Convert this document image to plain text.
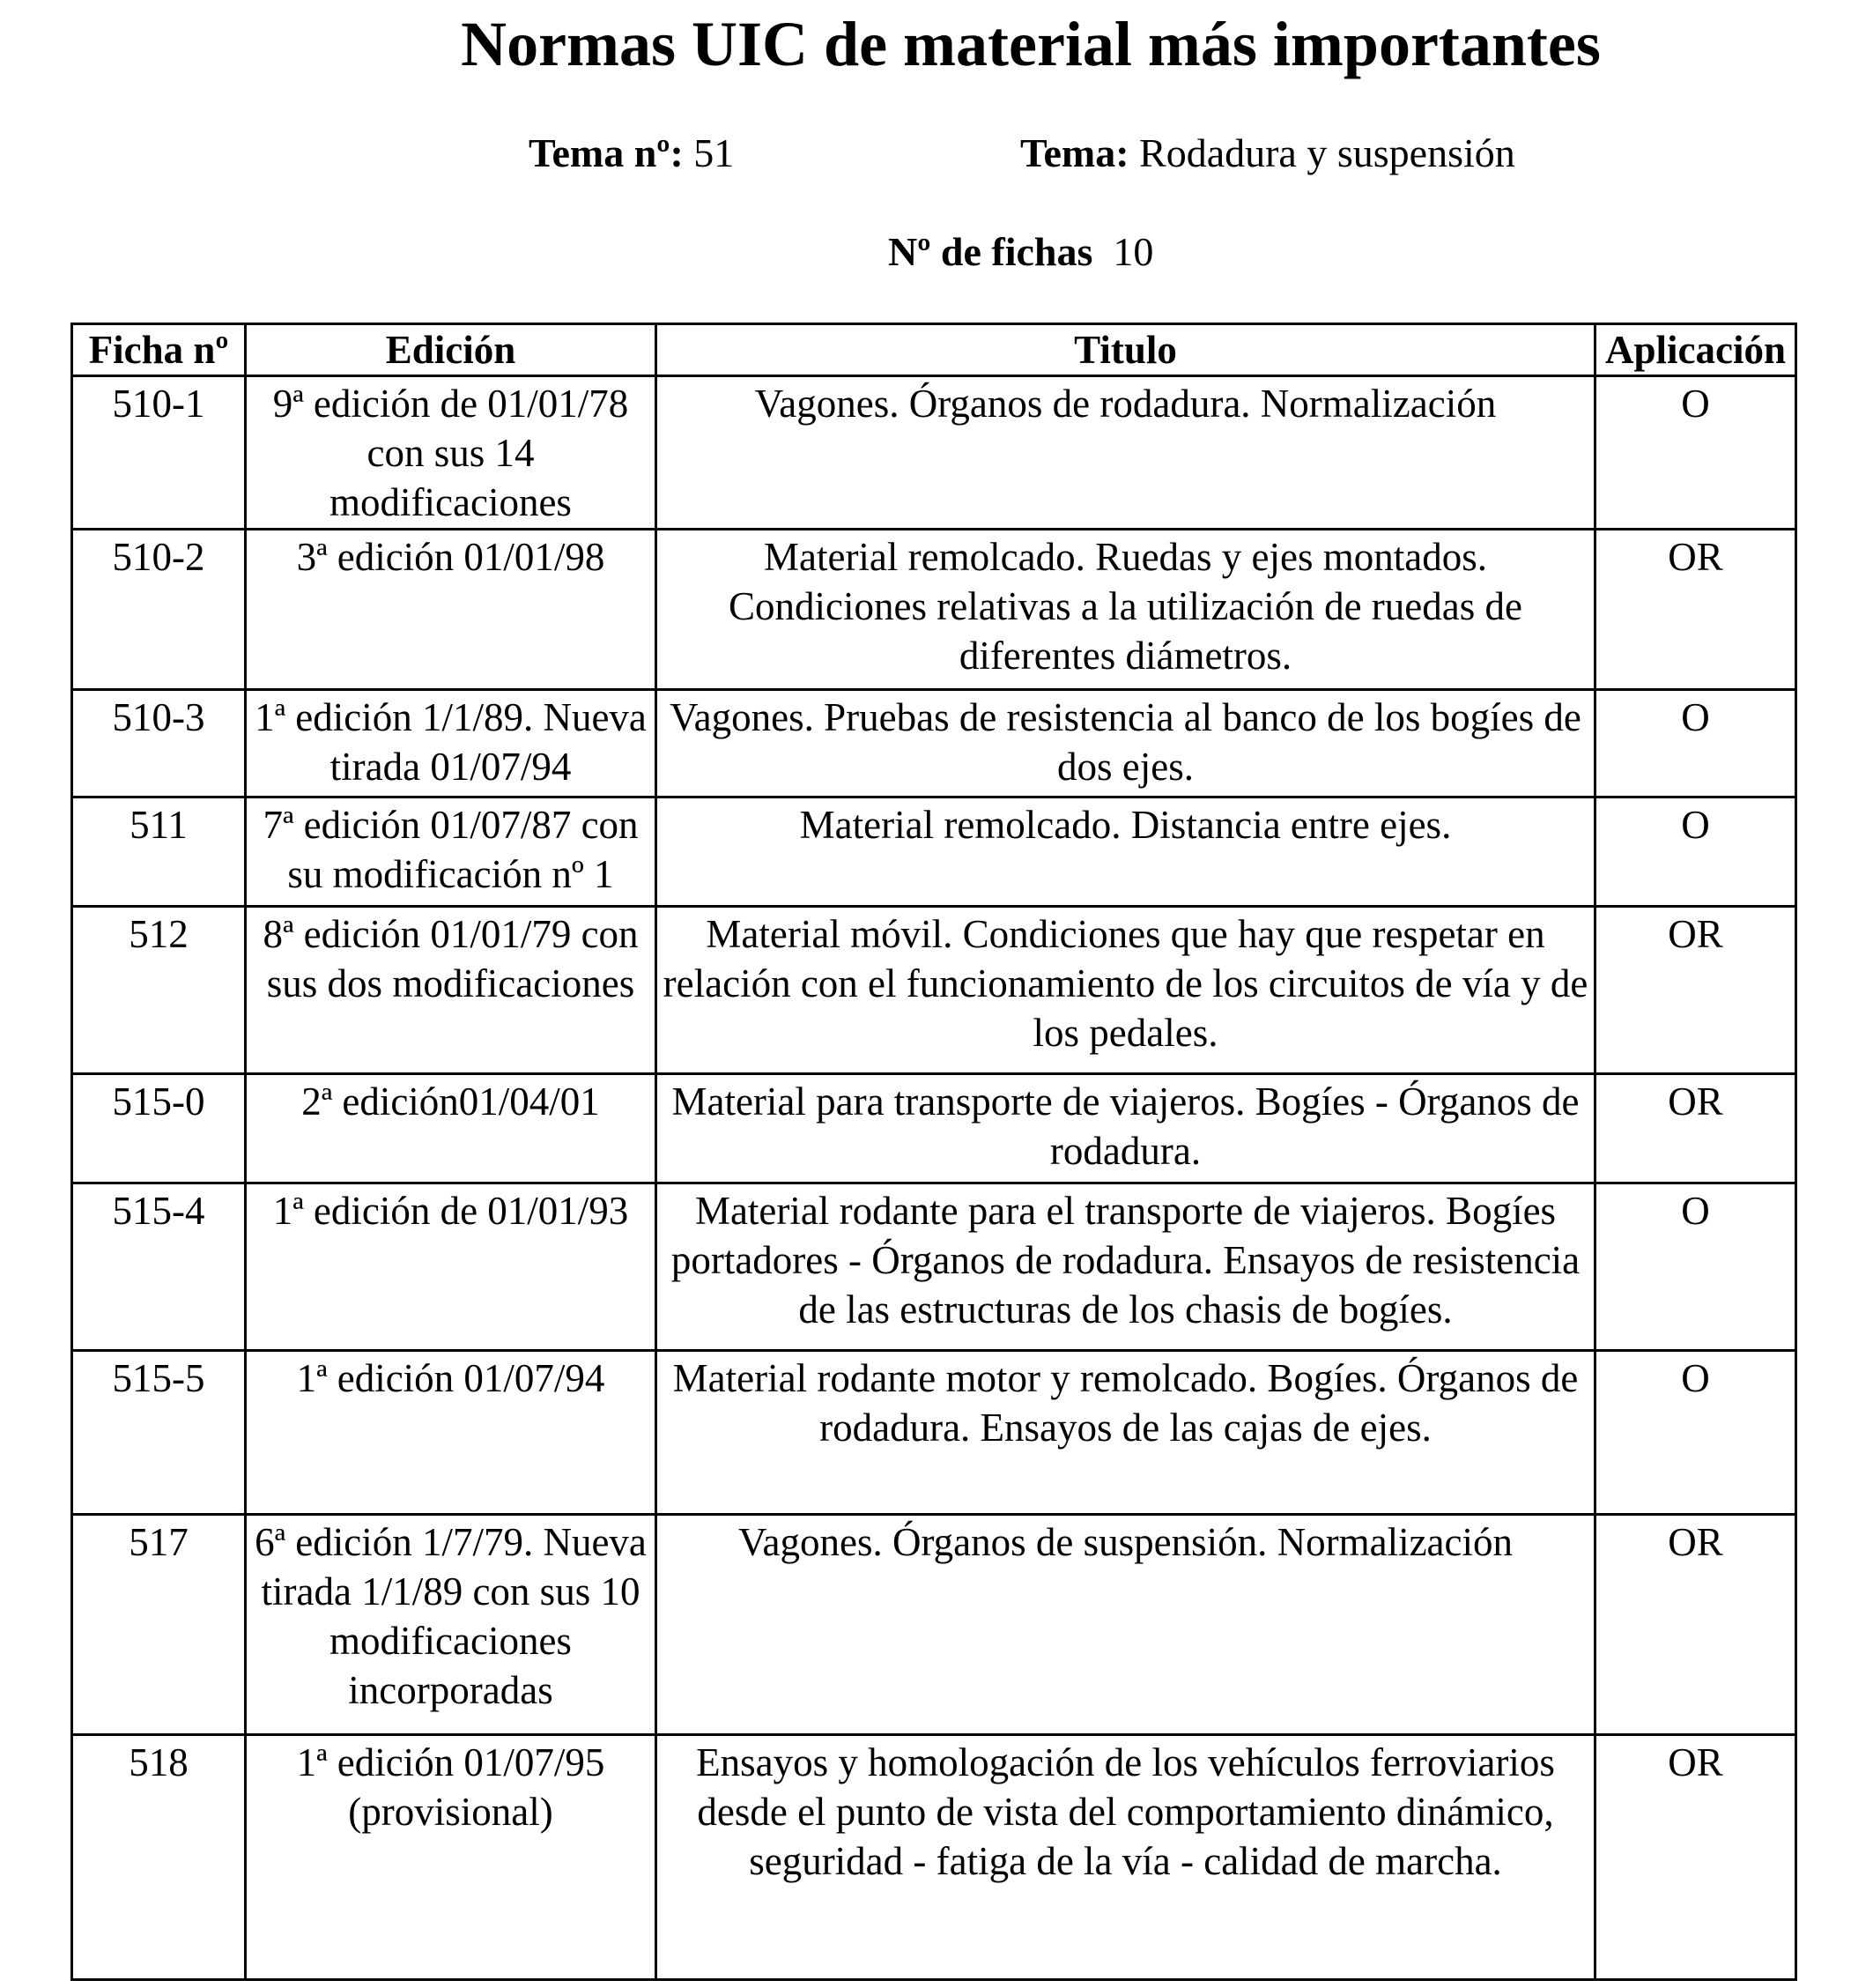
Normas UIC de material más importantes
Tema nº: 51	Tema: Rodadura y suspensión
Nº de fichas 10
Ficha nº	Edición	Titulo	Aplicación
510-1	9ª edición de 01/01/78 con sus 14 modificaciones	Vagones. Órganos de rodadura. Normalización	O
510-2	3ª edición 01/01/98	Material remolcado. Ruedas y ejes montados. Condiciones relativas a la utilización de ruedas de diferentes diámetros.	OR
510-3	1ª edición 1/1/89. Nueva tirada 01/07/94	Vagones. Pruebas de resistencia al banco de los bogíes de dos ejes.	O
511	7ª edición 01/07/87 con su modificación nº 1	Material remolcado. Distancia entre ejes.	O
512	8ª edición 01/01/79 con sus dos modificaciones	Material móvil. Condiciones que hay que respetar en relación con el funcionamiento de los circuitos de vía y de los pedales.	OR
515-0	2ª edición01/04/01	Material para transporte de viajeros. Bogíes - Órganos de rodadura.	OR
515-4	1ª edición de 01/01/93	Material rodante para el transporte de viajeros. Bogíes portadores - Órganos de rodadura. Ensayos de resistencia de las estructuras de los chasis de bogíes.	O
515-5	1ª edición 01/07/94	Material rodante motor y remolcado. Bogíes. Órganos de rodadura. Ensayos de las cajas de ejes.	O
517	6ª edición 1/7/79. Nueva tirada 1/1/89 con sus 10 modificaciones incorporadas	Vagones. Órganos de suspensión. Normalización	OR
518	1ª edición 01/07/95 (provisional)	Ensayos y homologación de los vehículos ferroviarios desde el punto de vista del comportamiento dinámico, seguridad - fatiga de la vía - calidad de marcha.	OR
